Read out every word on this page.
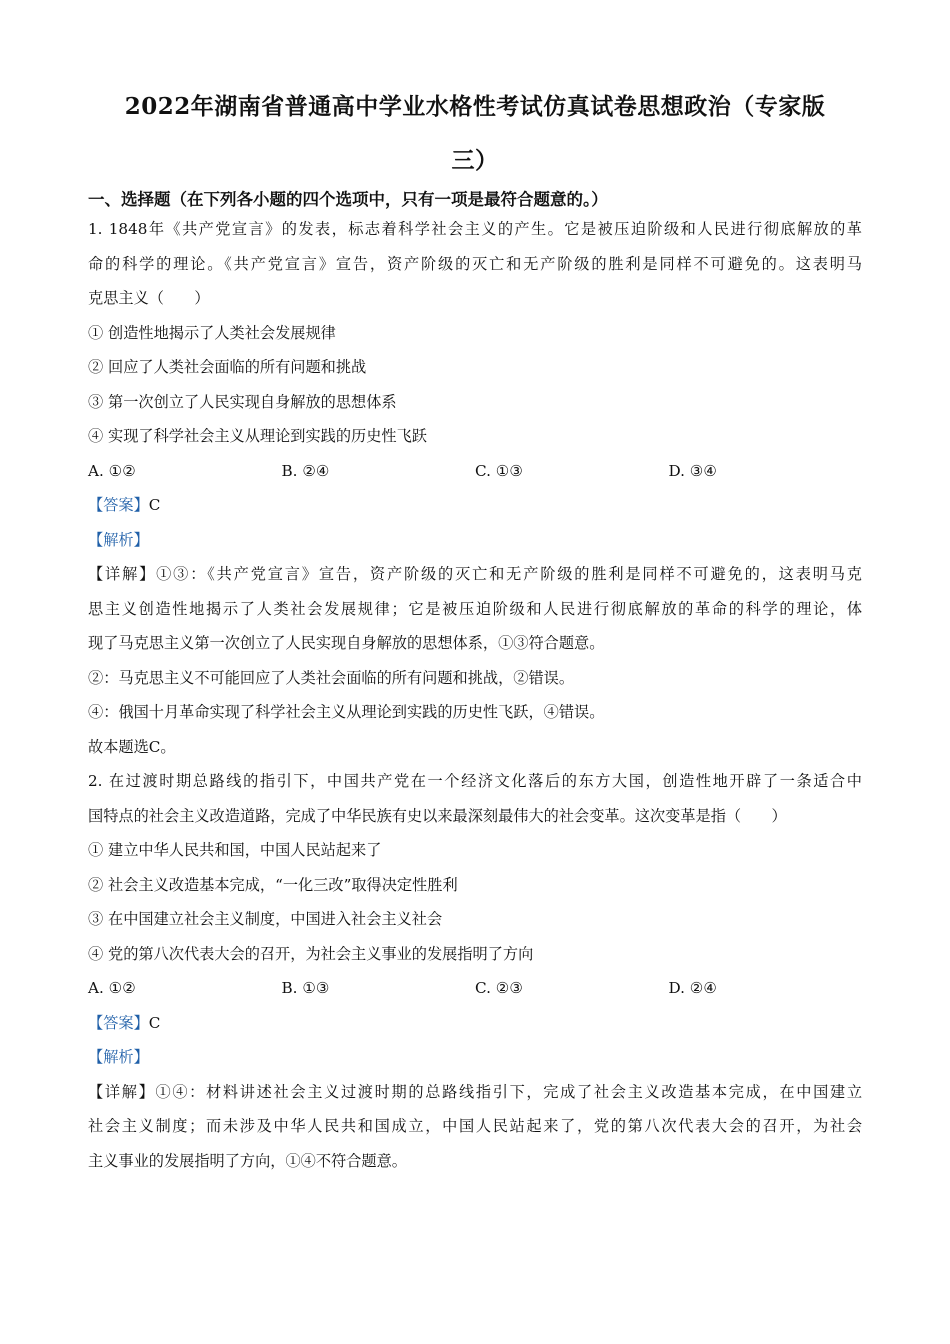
2022年湖南省普通高中学业水格性考试仿真试卷思想政治（专家版
三）
一、选择题（在下列各小题的四个选项中，只有一项是最符合题意的。）
1. 1848年《共产党宣言》的发表，标志着科学社会主义的产生。它是被压迫阶级和人民进行彻底解放的革
命的科学的理论。《共产党宣言》宣告，资产阶级的灭亡和无产阶级的胜利是同样不可避免的。这表明马
克思主义（　　）
① 创造性地揭示了人类社会发展规律
② 回应了人类社会面临的所有问题和挑战
③ 第一次创立了人民实现自身解放的思想体系
④ 实现了科学社会主义从理论到实践的历史性飞跃
A. ①②	B. ②④	C. ①③	D. ③④
【答案】C
【解析】
【详解】①③：《共产党宣言》宣告，资产阶级的灭亡和无产阶级的胜利是同样不可避免的，这表明马克
思主义创造性地揭示了人类社会发展规律；它是被压迫阶级和人民进行彻底解放的革命的科学的理论，体
现了马克思主义第一次创立了人民实现自身解放的思想体系，①③符合题意。
②：马克思主义不可能回应了人类社会面临的所有问题和挑战，②错误。
④：俄国十月革命实现了科学社会主义从理论到实践的历史性飞跃，④错误。
故本题选C。
2. 在过渡时期总路线的指引下，中国共产党在一个经济文化落后的东方大国，创造性地开辟了一条适合中
国特点的社会主义改造道路，完成了中华民族有史以来最深刻最伟大的社会变革。这次变革是指（　　）
① 建立中华人民共和国，中国人民站起来了
② 社会主义改造基本完成，“一化三改”取得决定性胜利
③ 在中国建立社会主义制度，中国进入社会主义社会
④ 党的第八次代表大会的召开，为社会主义事业的发展指明了方向
A. ①②	B. ①③	C. ②③	D. ②④
【答案】C
【解析】
【详解】①④：材料讲述社会主义过渡时期的总路线指引下，完成了社会主义改造基本完成，在中国建立
社会主义制度；而未涉及中华人民共和国成立，中国人民站起来了，党的第八次代表大会的召开，为社会
主义事业的发展指明了方向，①④不符合题意。
